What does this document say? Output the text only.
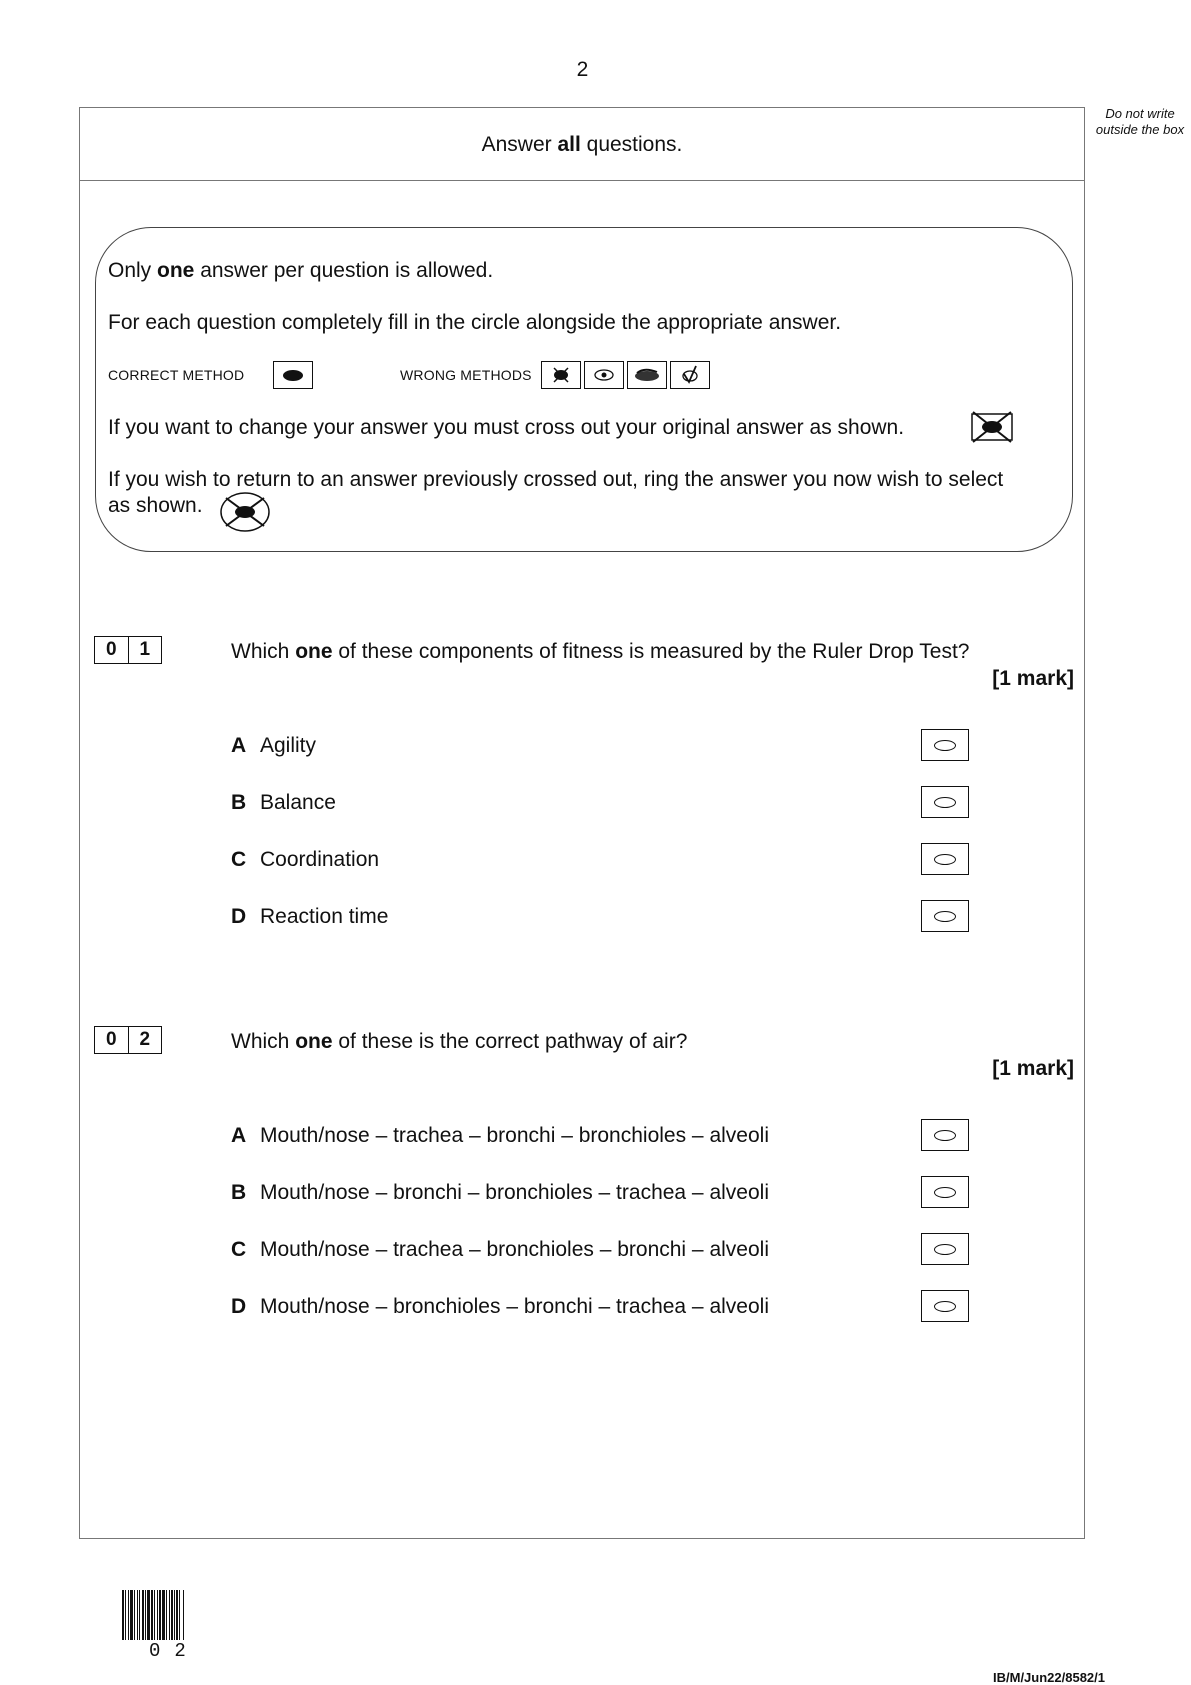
2
Do not write outside the box
Answer all questions.
Only one answer per question is allowed.
For each question completely fill in the circle alongside the appropriate answer.
CORRECT METHOD	WRONG METHODS
If you want to change your answer you must cross out your original answer as shown.
If you wish to return to an answer previously crossed out, ring the answer you now wish to select
as shown.
0	1	Which one of these components of fitness is measured by the Ruler Drop Test?
[1 mark]
A Agility
B Balance
C Coordination
D Reaction time
0	2	Which one of these is the correct pathway of air?
[1 mark]
A Mouth/nose – trachea – bronchi – bronchioles – alveoli
B Mouth/nose – bronchi – bronchioles – trachea – alveoli
C Mouth/nose – trachea – bronchioles – bronchi – alveoli
D Mouth/nose – bronchioles – bronchi – trachea – alveoli
02
IB/M/Jun22/8582/1
